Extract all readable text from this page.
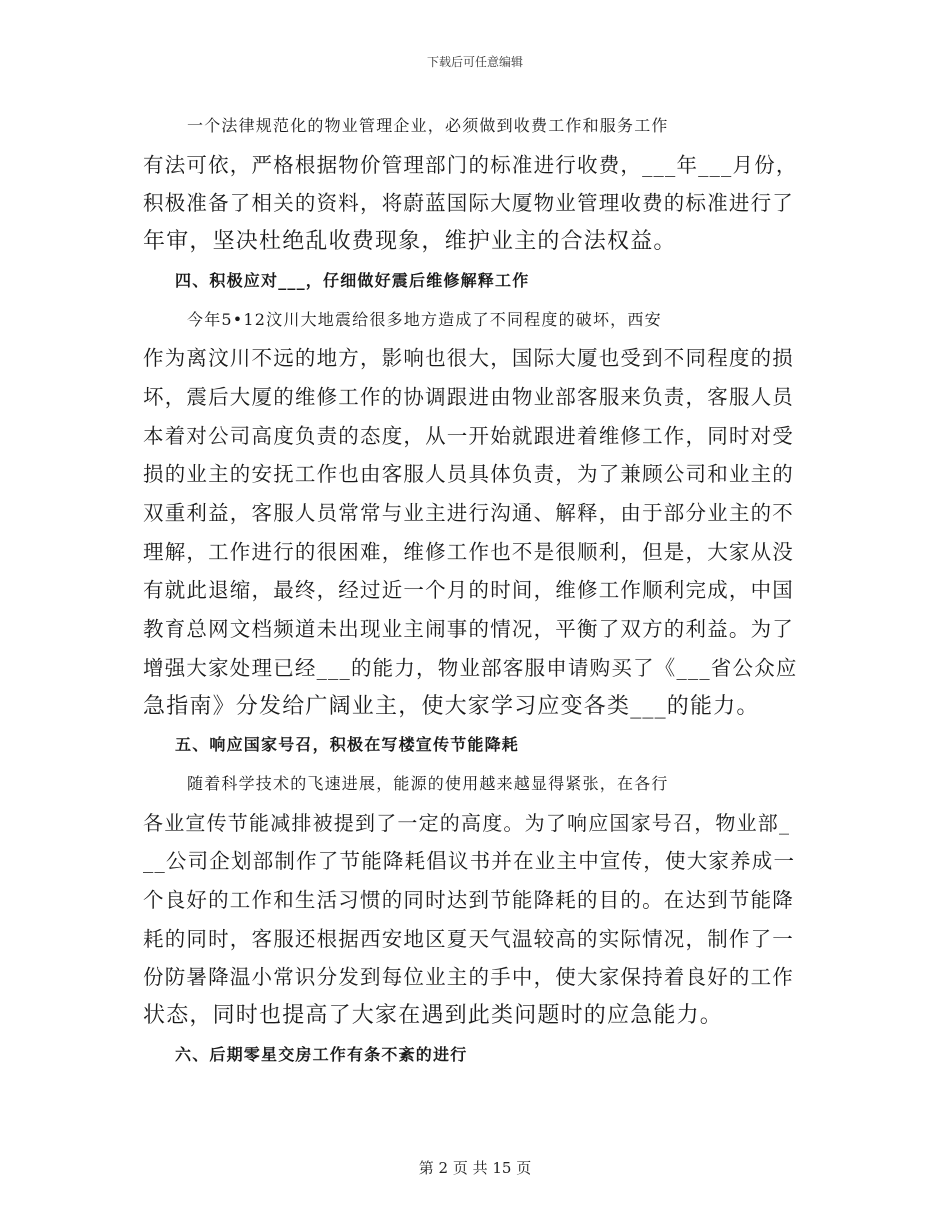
下载后可任意编辑
一个法律规范化的物业管理企业，必须做到收费工作和服务工作
有法可依，严格根据物价管理部门的标准进行收费，___年___月份，
积极准备了相关的资料，将蔚蓝国际大厦物业管理收费的标准进行了
年审，坚决杜绝乱收费现象，维护业主的合法权益。
四、积极应对___，仔细做好震后维修解释工作
今年5•12汶川大地震给很多地方造成了不同程度的破坏，西安
作为离汶川不远的地方，影响也很大，国际大厦也受到不同程度的损
坏，震后大厦的维修工作的协调跟进由物业部客服来负责，客服人员
本着对公司高度负责的态度，从一开始就跟进着维修工作，同时对受
损的业主的安抚工作也由客服人员具体负责，为了兼顾公司和业主的
双重利益，客服人员常常与业主进行沟通、解释，由于部分业主的不
理解，工作进行的很困难，维修工作也不是很顺利，但是，大家从没
有就此退缩，最终，经过近一个月的时间，维修工作顺利完成，中国
教育总网文档频道未出现业主闹事的情况，平衡了双方的利益。为了
增强大家处理已经___的能力，物业部客服申请购买了《___省公众应
急指南》分发给广阔业主，使大家学习应变各类___的能力。
五、响应国家号召，积极在写楼宣传节能降耗
随着科学技术的飞速进展，能源的使用越来越显得紧张，在各行
各业宣传节能减排被提到了一定的高度。为了响应国家号召，物业部_
__公司企划部制作了节能降耗倡议书并在业主中宣传，使大家养成一
个良好的工作和生活习惯的同时达到节能降耗的目的。在达到节能降
耗的同时，客服还根据西安地区夏天气温较高的实际情况，制作了一
份防暑降温小常识分发到每位业主的手中，使大家保持着良好的工作
状态，同时也提高了大家在遇到此类问题时的应急能力。
六、后期零星交房工作有条不紊的进行
第 2 页 共 15 页
